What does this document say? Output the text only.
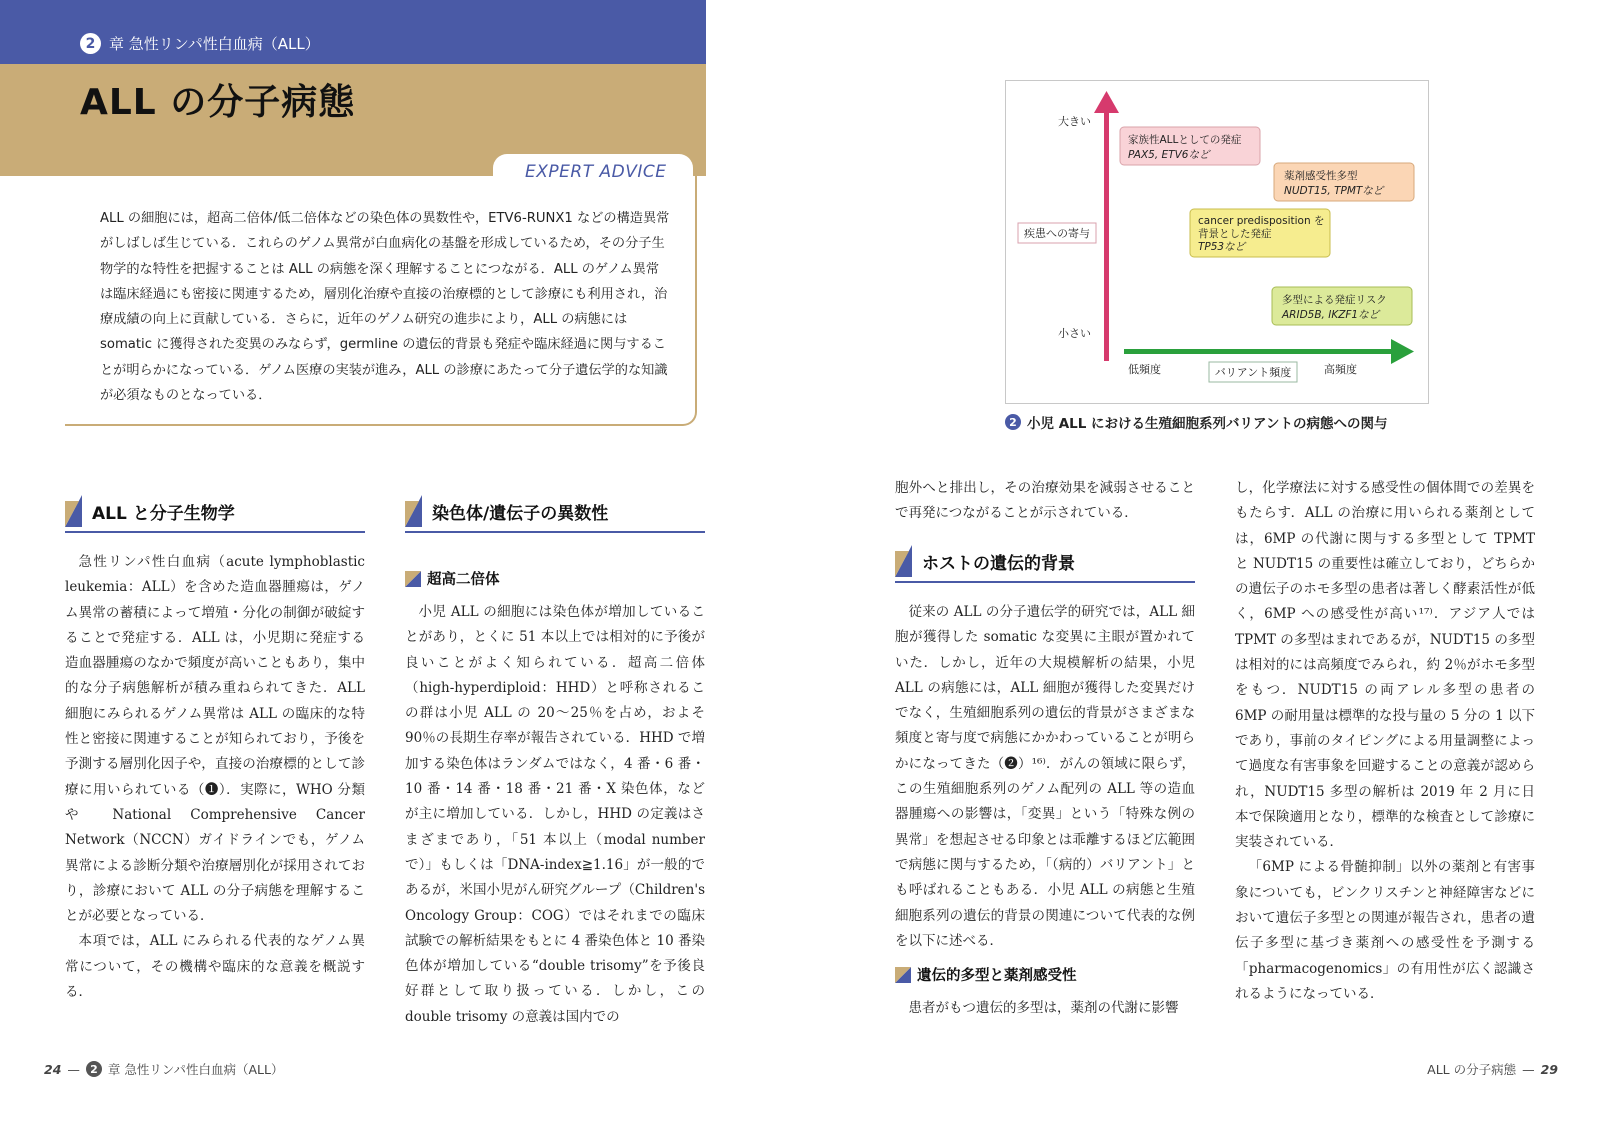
2 章 急性リンパ性白血病（ALL）
ALL の分子病態
EXPERT ADVICE
ALL の細胞には，超高二倍体/低二倍体などの染色体の異数性や，ETV6-RUNX1 などの構造異常がしばしば生じている．これらのゲノム異常が白血病化の基盤を形成しているため，その分子生物学的な特性を把握することは ALL の病態を深く理解することにつながる．ALL のゲノム異常は臨床経過にも密接に関連するため，層別化治療や直接の治療標的として診療にも利用され，治療成績の向上に貢献している．さらに，近年のゲノム研究の進歩により，ALL の病態には somatic に獲得された変異のみならず，germline の遺伝的背景も発症や臨床経過に関与することが明らかになっている．ゲノム医療の実装が進み，ALL の診療にあたって分子遺伝学的な知識が必須なものとなっている．
大きい
小さい
疾患への寄与
低頻度	高頻度
バリアント頻度
家族性ALLとしての発症
PAX5, ETV6など
薬剤感受性多型
NUDT15, TPMTなど
cancer predisposition を
背景とした発症
TP53など
多型による発症リスク
ARID5B, IKZF1など
2 小児 ALL における生殖細胞系列バリアントの病態への関与
ALL と分子生物学

急性リンパ性白血病（acute lymphoblastic leukemia：ALL）を含めた造血器腫瘍は，ゲノム異常の蓄積によって増殖・分化の制御が破綻することで発症する．ALL は，小児期に発症する造血器腫瘍のなかで頻度が高いこともあり，集中的な分子病態解析が積み重ねられてきた．ALL 細胞にみられるゲノム異常は ALL の臨床的な特性と密接に関連することが知られており，予後を予測する層別化因子や，直接の治療標的として診療に用いられている（❶）．実際に，WHO 分類や National Comprehensive Cancer Network（NCCN）ガイドラインでも，ゲノム異常による診断分類や治療層別化が採用されており，診療において ALL の分子病態を理解することが必要となっている．

本項では，ALL にみられる代表的なゲノム異常について，その機構や臨床的な意義を概説する．

染色体/遺伝子の異数性
超高二倍体

小児 ALL の細胞には染色体が増加していることがあり，とくに 51 本以上では相対的に予後が良いことがよく知られている．超高二倍体（high-hyperdiploid：HHD）と呼称されるこの群は小児 ALL の 20〜25％を占め，およそ 90％の長期生存率が報告されている．HHD で増加する染色体はランダムではなく，4 番・6 番・10 番・14 番・18 番・21 番・X 染色体，などが主に増加している．しかし，HHD の定義はさまざまであり，「51 本以上（modal number で）」もしくは「DNA-index≧1.16」が一般的であるが，米国小児がん研究グループ（Children's Oncology Group：COG）ではそれまでの臨床試験での解析結果をもとに 4 番染色体と 10 番染色体が増加している“double trisomy”を予後良好群として取り扱っている．しかし，この double trisomy の意義は国内での

胞外へと排出し，その治療効果を減弱させることで再発につながることが示されている．

ホストの遺伝的背景

従来の ALL の分子遺伝学的研究では，ALL 細胞が獲得した somatic な変異に主眼が置かれていた．しかし，近年の大規模解析の結果，小児 ALL の病態には，ALL 細胞が獲得した変異だけでなく，生殖細胞系列の遺伝的背景がさまざまな頻度と寄与度で病態にかかわっていることが明らかになってきた（❷）¹⁶⁾．がんの領域に限らず，この生殖細胞系列のゲノム配列の ALL 等の造血器腫瘍への影響は，「変異」という「特殊な例の異常」を想起させる印象とは乖離するほど広範囲で病態に関与するため，「（病的）バリアント」とも呼ばれることもある．小児 ALL の病態と生殖細胞系列の遺伝的背景の関連について代表的な例を以下に述べる．

遺伝的多型と薬剤感受性

患者がもつ遺伝的多型は，薬剤の代謝に影響

し，化学療法に対する感受性の個体間での差異をもたらす．ALL の治療に用いられる薬剤としては，6MP の代謝に関与する多型として TPMT と NUDT15 の重要性は確立しており，どちらかの遺伝子のホモ多型の患者は著しく酵素活性が低く，6MP への感受性が高い¹⁷⁾．アジア人では TPMT の多型はまれであるが，NUDT15 の多型は相対的には高頻度でみられ，約 2％がホモ多型をもつ．NUDT15 の両アレル多型の患者の 6MP の耐用量は標準的な投与量の 5 分の 1 以下であり，事前のタイピングによる用量調整によって過度な有害事象を回避することの意義が認められ，NUDT15 多型の解析は 2019 年 2 月に日本で保険適用となり，標準的な検査として診療に実装されている．

「6MP による骨髄抑制」以外の薬剤と有害事象についても，ビンクリスチンと神経障害などにおいて遺伝子多型との関連が報告され，患者の遺伝子多型に基づき薬剤への感受性を予測する「pharmacogenomics」の有用性が広く認識されるようになっている．

24 — 2 章 急性リンパ性白血病（ALL）	ALL の分子病態 — 29
